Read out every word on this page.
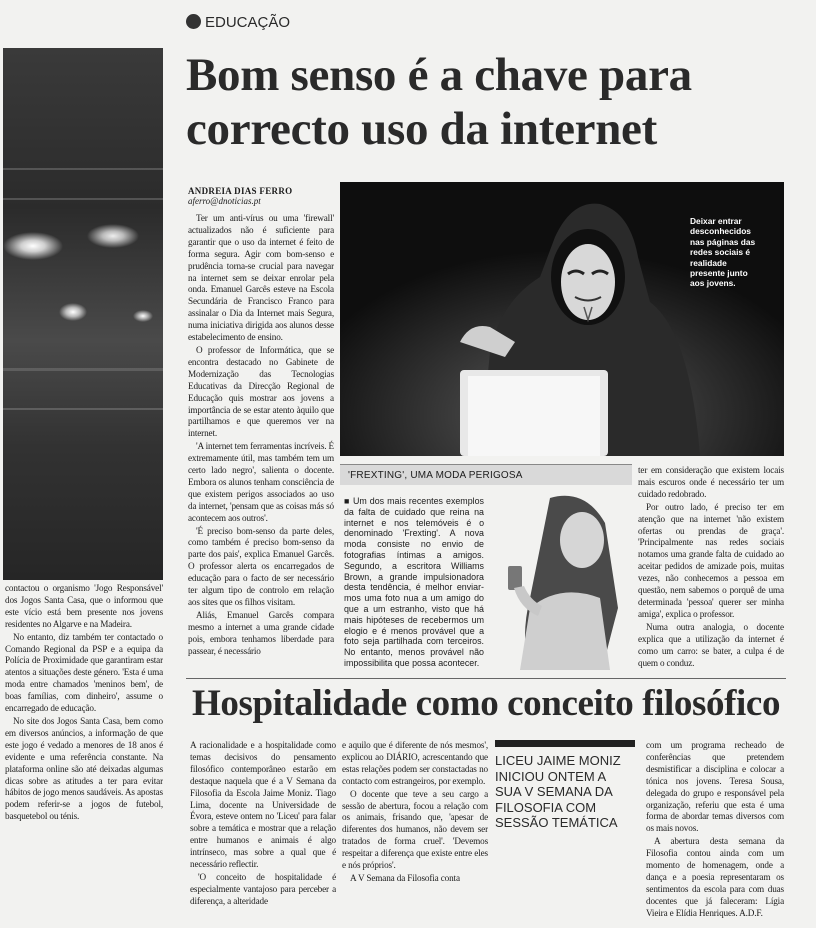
EDUCAÇÃO
Bom senso é a chave para
correcto uso da internet
ANDREIA DIAS FERRO
aferro@dnoticias.pt

Ter um anti-vírus ou uma 'firewall' actualizados não é suficiente para garantir que o uso da internet é feito de forma segura. Agir com bom-senso e prudência torna-se crucial para navegar na internet sem se deixar enrolar pela onda. Emanuel Garcês esteve na Escola Secundária de Francisco Franco para assinalar o Dia da Internet mais Segura, numa iniciativa dirigida aos alunos desse estabelecimento de ensino.

O professor de Informática, que se encontra destacado no Gabinete de Modernização das Tecnologias Educativas da Direcção Regional de Educação quis mostrar aos jovens a importância de se estar atento àquilo que partilhamos e que queremos ver na internet.

'A internet tem ferramentas incríveis. É extremamente útil, mas também tem um certo lado negro', salienta o docente. Embora os alunos tenham consciência de que existem perigos associados ao uso da internet, 'pensam que as coisas más só acontecem aos outros'.

'É preciso bom-senso da parte deles, como também é preciso bom-senso da parte dos pais', explica Emanuel Garcês. O professor alerta os encarregados de educação para o facto de ser necessário ter algum tipo de controlo em relação aos sites que os filhos visitam.

Aliás, Emanuel Garcês compara mesmo a internet a uma grande cidade pois, embora tenhamos liberdade para passear, é necessário

Deixar entrar desconhecidos nas páginas das redes sociais é realidade presente junto aos jovens.
'FREXTING', UMA MODA PERIGOSA
■ Um dos mais recentes exemplos da falta de cuidado que reina na internet e nos telemóveis é o denominado 'Frexting'. A nova moda consiste no envio de fotografias íntimas a amigos. Segundo, a escritora Williams Brown, a grande impulsionadora desta tendência, é melhor enviar-mos uma foto nua a um amigo do que a um estranho, visto que há mais hipóteses de recebermos um elogio e é menos provável que a foto seja partilhada com terceiros. No entanto, menos provável não impossibilita que possa acontecer.

ter em consideração que existem locais mais escuros onde é necessário ter um cuidado redobrado.

Por outro lado, é preciso ter em atenção que na internet 'não existem ofertas ou prendas de graça'. 'Principalmente nas redes sociais notamos uma grande falta de cuidado ao aceitar pedidos de amizade pois, muitas vezes, não conhecemos a pessoa em questão, nem sabemos o porquê de uma determinada 'pessoa' querer ser minha amiga', explica o professor.

Numa outra analogia, o docente explica que a utilização da internet é como um carro: se bater, a culpa é de quem o conduz.

contactou o organismo 'Jogo Responsável' dos Jogos Santa Casa, que o informou que este vício está bem presente nos jovens residentes no Algarve e na Madeira.

No entanto, diz também ter contactado o Comando Regional da PSP e a equipa da Polícia de Proximidade que garantiram estar atentos a situações deste género. 'Esta é uma moda entre chamados 'meninos bem', de boas famílias, com dinheiro', assume o encarregado de educação.

No site dos Jogos Santa Casa, bem como em diversos anúncios, a informação de que este jogo é vedado a menores de 18 anos é evidente e uma referência constante. Na plataforma online são até deixadas algumas dicas sobre as atitudes a ter para evitar hábitos de jogo menos saudáveis. As apostas podem referir-se a jogos de futebol, basquetebol ou ténis.

Hospitalidade como conceito filosófico

A racionalidade e a hospitalidade como temas decisivos do pensamento filosófico contemporâneo estarão em destaque naquela que é a V Semana da Filosofia da Escola Jaime Moniz. Tiago Lima, docente na Universidade de Évora, esteve ontem no 'Liceu' para falar sobre a temática e mostrar que a relação entre humanos e animais é algo intrínseco, mas sobre a qual que é necessário reflectir.

'O conceito de hospitalidade é especialmente vantajoso para perceber a diferença, a alteridade

e aquilo que é diferente de nós mesmos', explicou ao DIÁRIO, acrescentando que estas relações podem ser constactadas no contacto com estrangeiros, por exemplo.

O docente que teve a seu cargo a sessão de abertura, focou a relação com os animais, frisando que, 'apesar de diferentes dos humanos, não devem ser tratados de forma cruel'. 'Devemos respeitar a diferença que existe entre eles e nós próprios'.

A V Semana da Filosofia conta

LICEU JAIME MONIZ INICIOU ONTEM A SUA V SEMANA DA FILOSOFIA COM SESSÃO TEMÁTICA

com um programa recheado de conferências que pretendem desmistificar a disciplina e colocar a tónica nos jovens. Teresa Sousa, delegada do grupo e responsável pela organização, referiu que esta é uma forma de abordar temas diversos com os mais novos.

A abertura desta semana da Filosofia contou ainda com um momento de homenagem, onde a dança e a poesia representaram os sentimentos da escola para com duas docentes que já faleceram: Lígia Vieira e Elídia Henriques. A.D.F.
